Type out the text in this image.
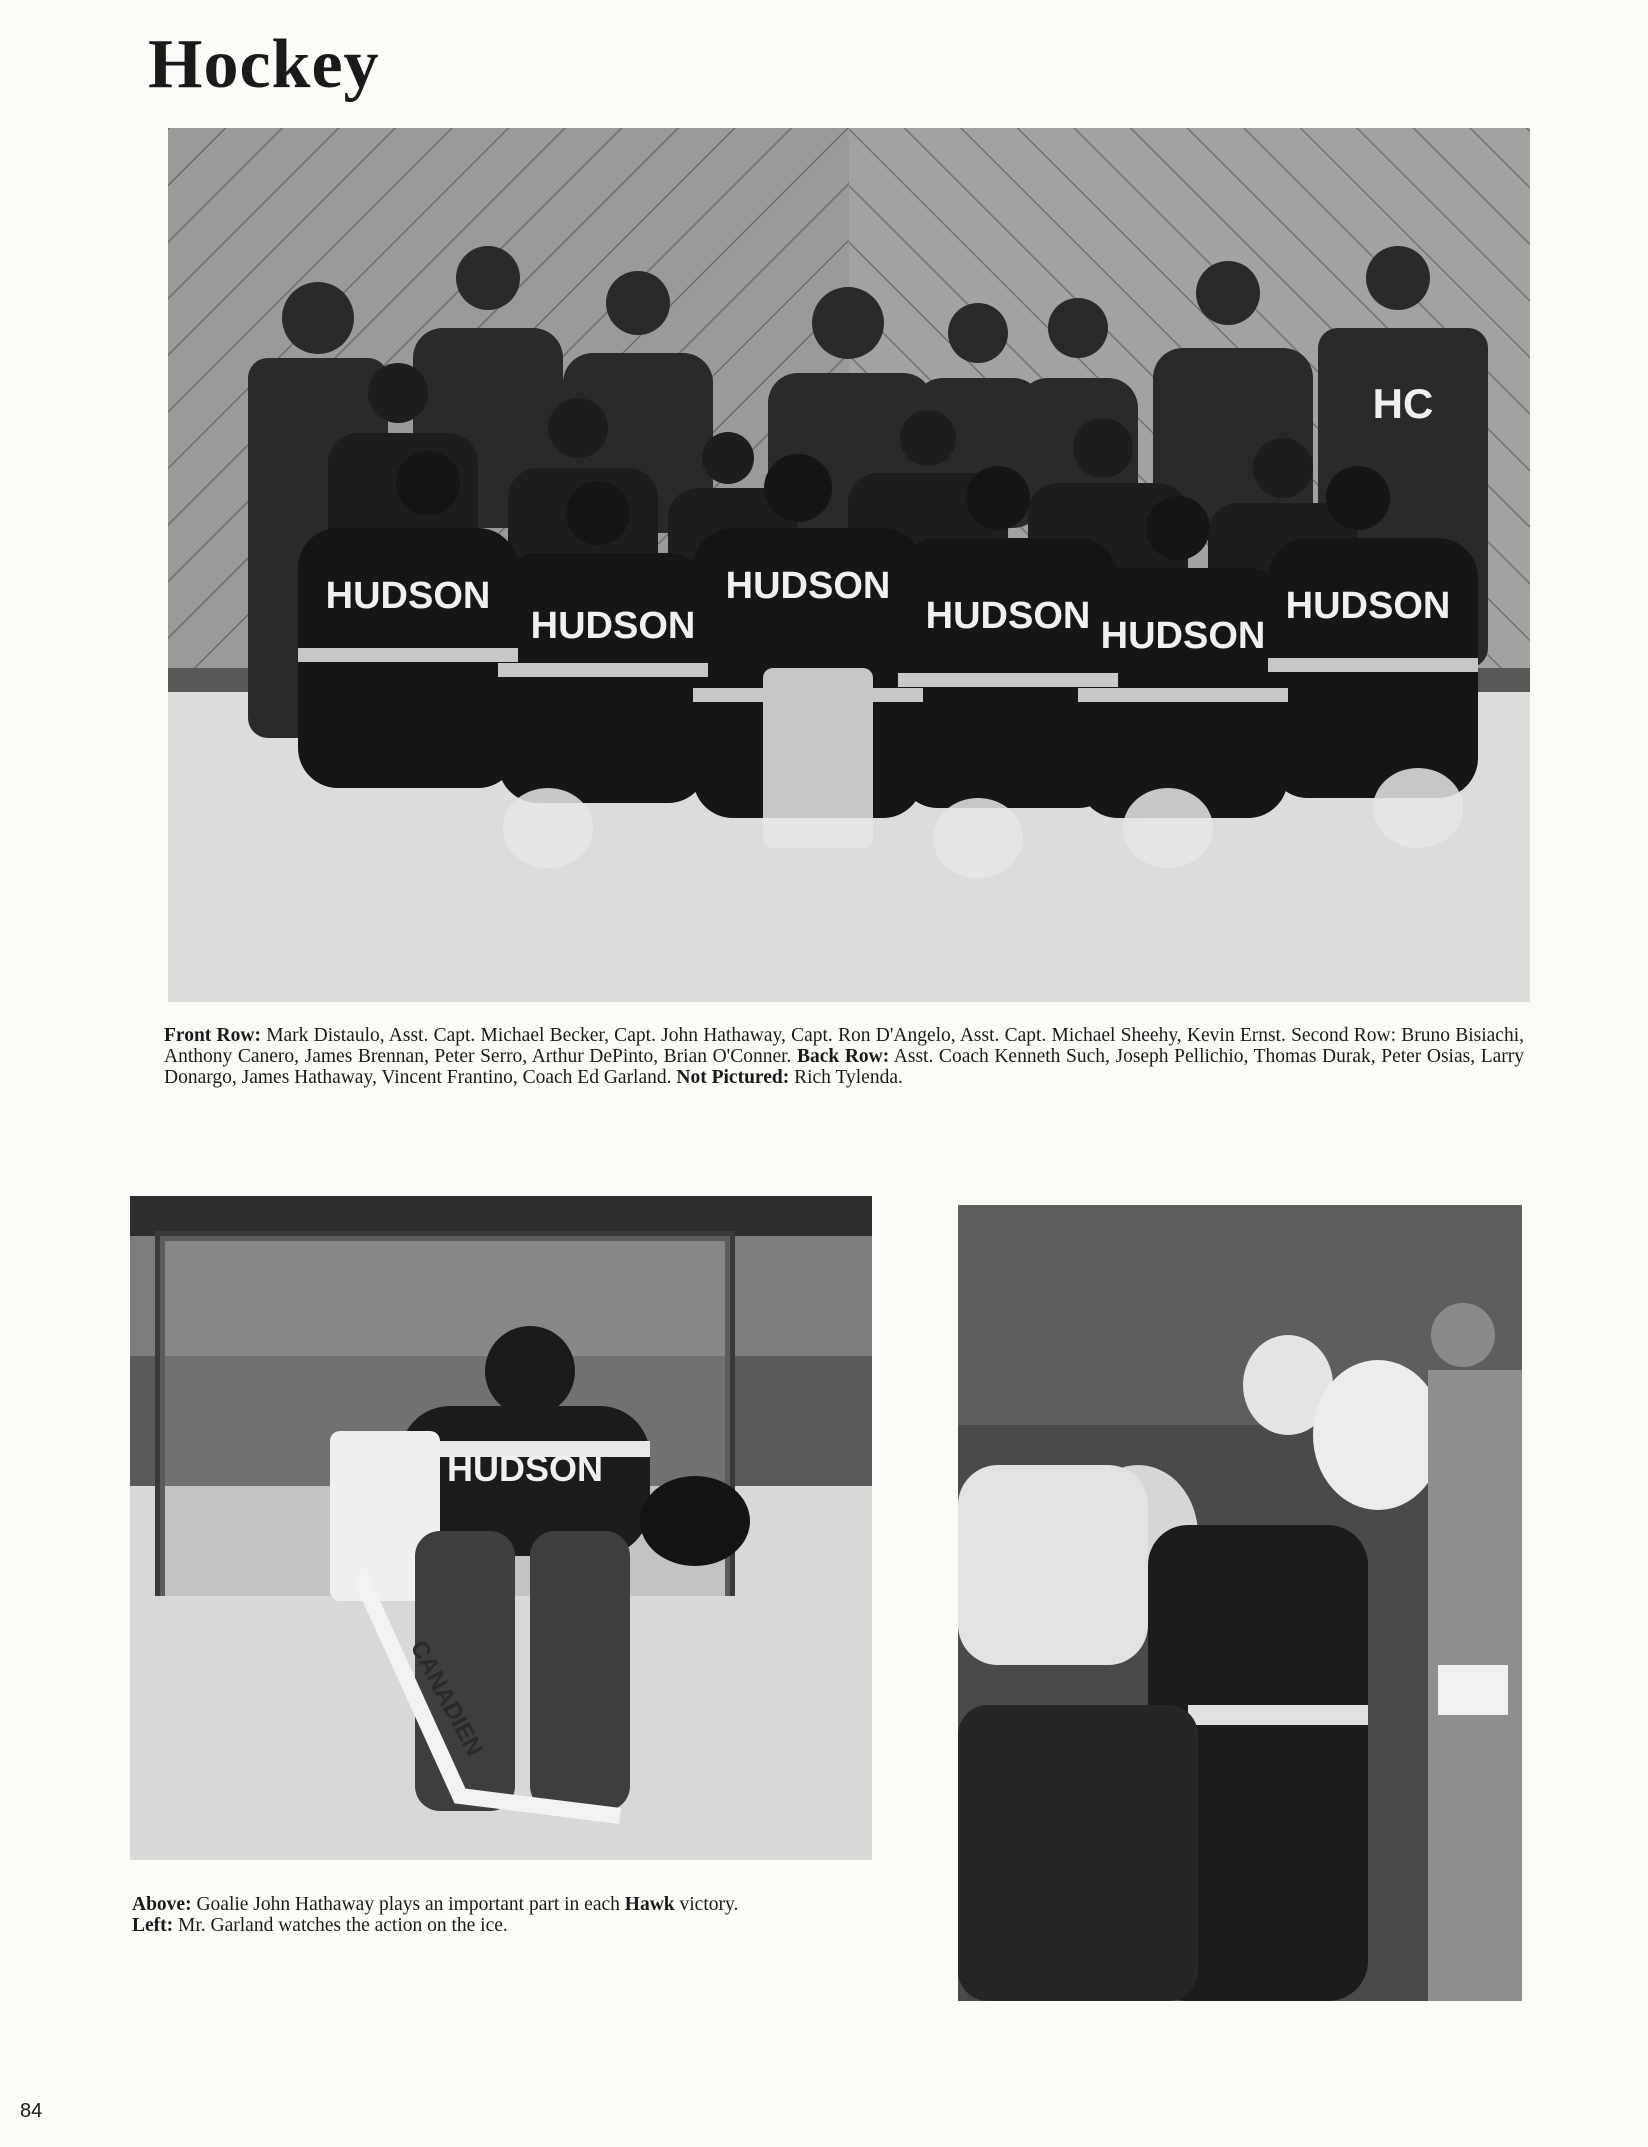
Hockey
HUDSON
HUDSON
HUDSON
HUDSON HUDSON
HUDSON
HC
Front Row: Mark Distaulo, Asst. Capt. Michael Becker, Capt. John Hathaway, Capt. Ron D'Angelo, Asst. Capt. Michael Sheehy, Kevin Ernst. Second Row: Bruno Bisiachi, Anthony Canero, James Brennan, Peter Serro, Arthur DePinto, Brian O'Conner. Back Row: Asst. Coach Kenneth Such, Joseph Pellichio, Thomas Durak, Peter Osias, Larry Donargo, James Hathaway, Vincent Frantino, Coach Ed Garland. Not Pictured: Rich Tylenda.
CANADIEN
HUDSON
Above: Goalie John Hathaway plays an important part in each Hawk victory.
Left: Mr. Garland watches the action on the ice.
84
